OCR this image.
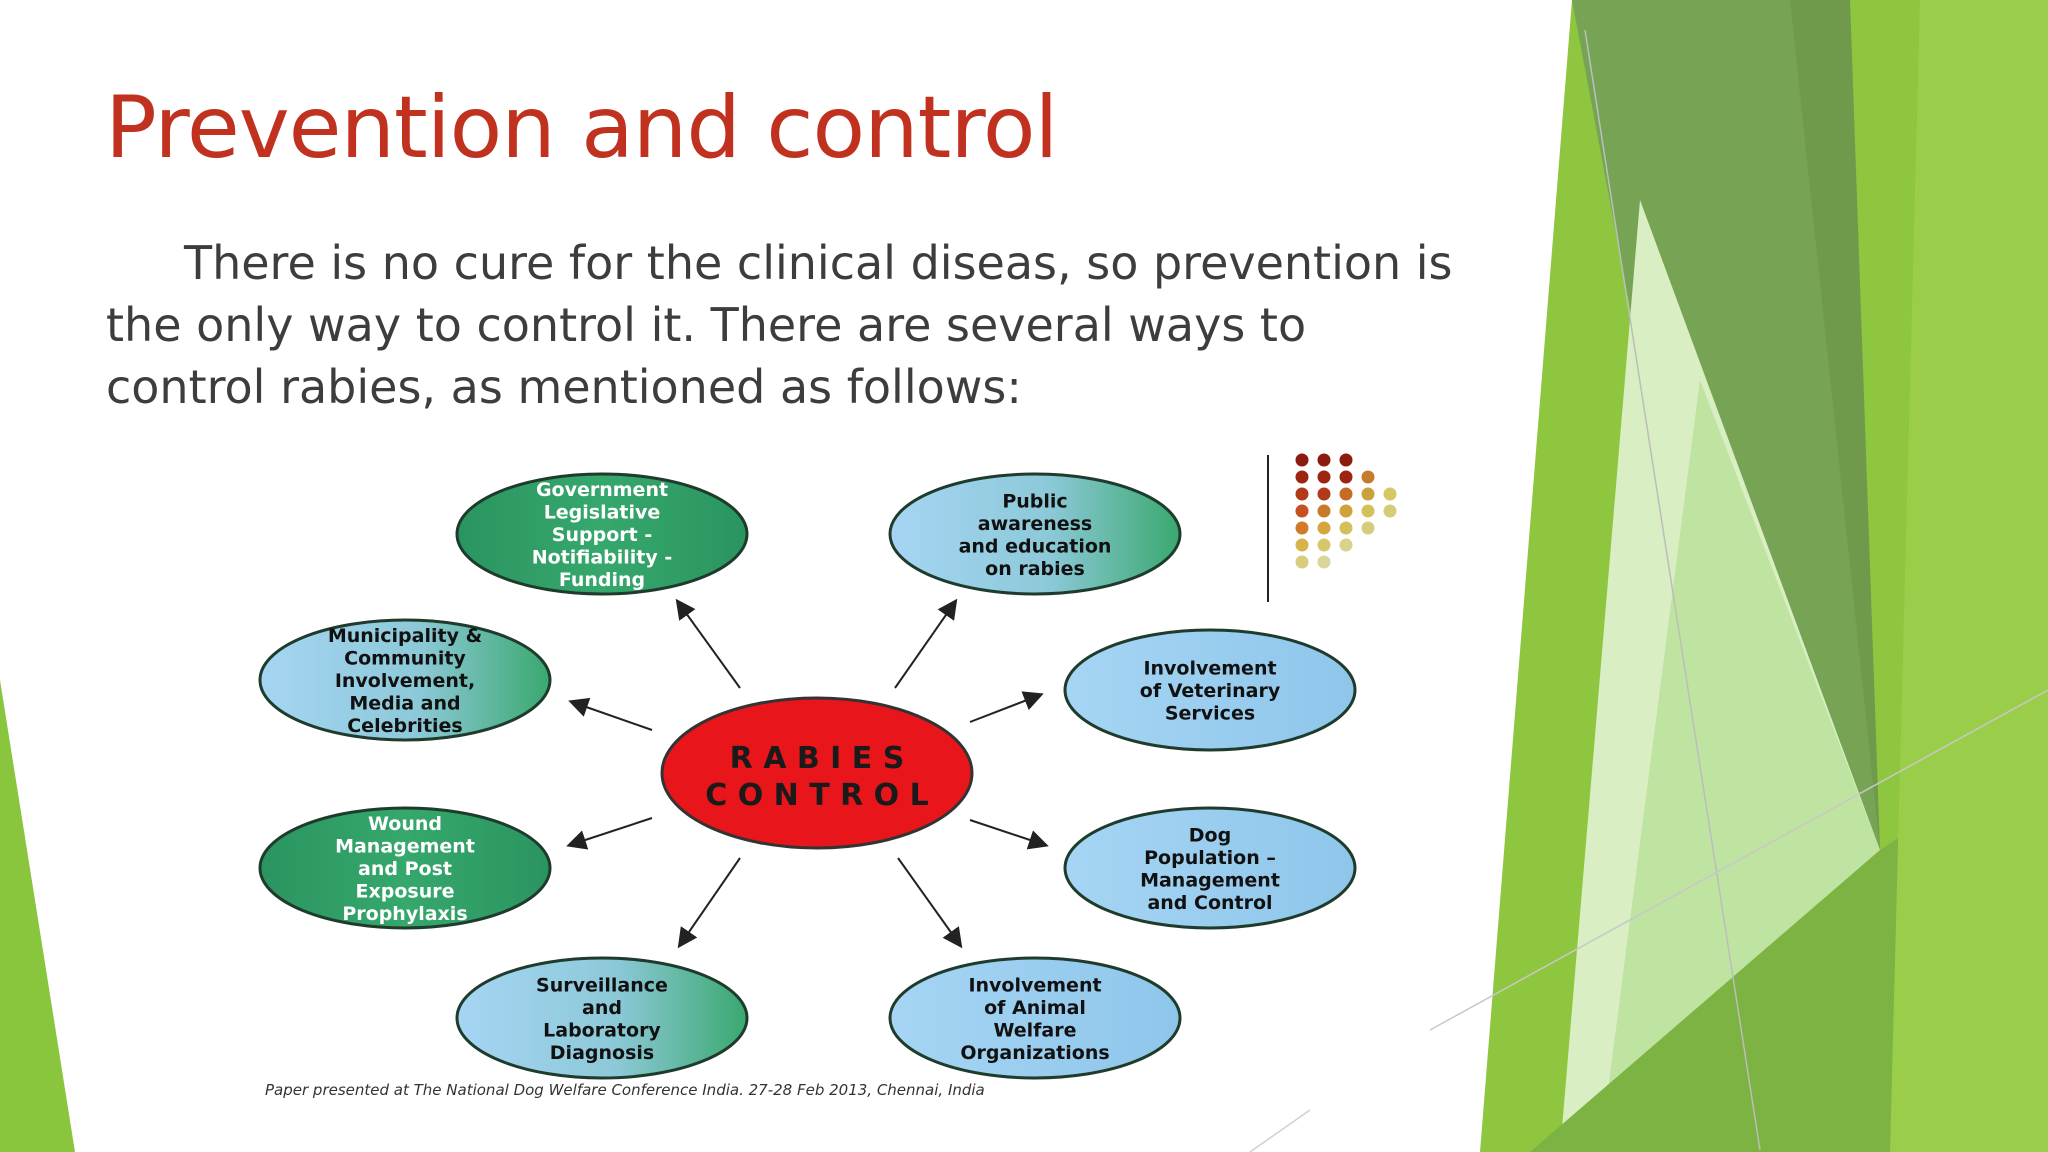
Prevention and control

There is no cure for the clinical diseas, so prevention is

the only way to control it. There are several ways to

control rabies, as mentioned as follows:

Government
Legislative
Support -
Notifiability -
Funding
Public
awareness
and education
on rabies
Involvement
of Veterinary
Services
Dog
Population –
Management
and Control
Involvement
of Animal
Welfare
Organizations
Surveillance
and
Laboratory
Diagnosis
Wound
Management
and Post
Exposure
Prophylaxis
Municipality &
Community
Involvement,
Media and
Celebrities
R A B I E S
C O N T R O L
Paper presented at The National Dog Welfare Conference India. 27-28 Feb 2013, Chennai, India
